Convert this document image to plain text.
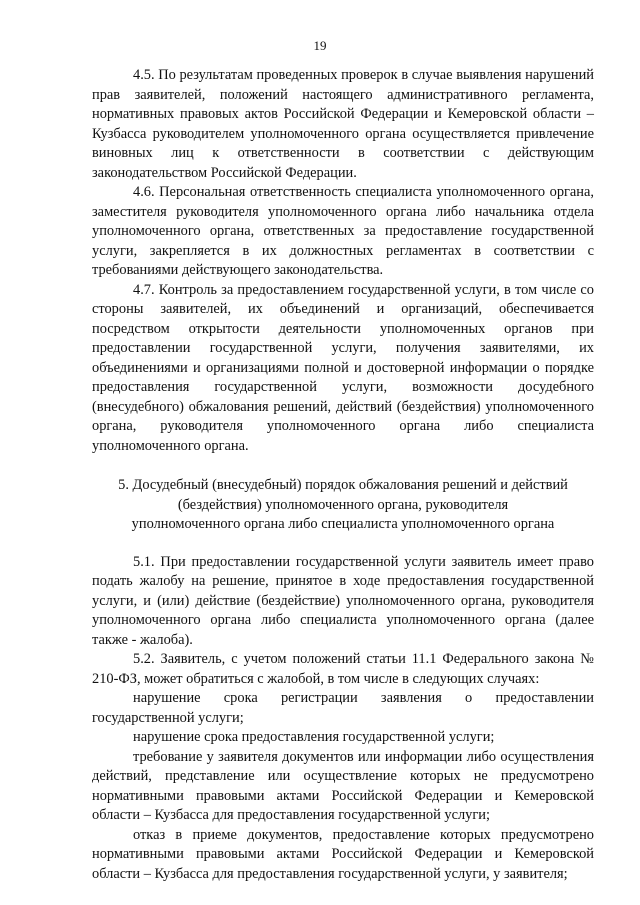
19

4.5. По результатам проведенных проверок в случае выявления нарушений прав заявителей, положений настоящего административного регламента, нормативных правовых актов Российской Федерации и Кемеровской области – Кузбасса руководителем уполномоченного органа осуществляется привлечение виновных лиц к ответственности в соответствии с действующим законодательством Российской Федерации.

4.6. Персональная ответственность специалиста уполномоченного органа, заместителя руководителя уполномоченного органа либо начальника отдела уполномоченного органа, ответственных за предоставление государственной услуги, закрепляется в их должностных регламентах в соответствии с требованиями действующего законодательства.

4.7. Контроль за предоставлением государственной услуги, в том числе со стороны заявителей, их объединений и организаций, обеспечивается посредством открытости деятельности уполномоченных органов при предоставлении государственной услуги, получения заявителями, их объединениями и организациями полной и достоверной информации о порядке предоставления государственной услуги, возможности досудебного (внесудебного) обжалования решений, действий (бездействия) уполномоченного органа, руководителя уполномоченного органа либо специалиста уполномоченного органа.

5. Досудебный (внесудебный) порядок обжалования решений и действий
(бездействия) уполномоченного органа, руководителя
уполномоченного органа либо специалиста уполномоченного органа

5.1. При предоставлении государственной услуги заявитель имеет право подать жалобу на решение, принятое в ходе предоставления государственной услуги, и (или) действие (бездействие) уполномоченного органа, руководителя уполномоченного органа либо специалиста уполномоченного органа (далее также - жалоба).

5.2. Заявитель, с учетом положений статьи 11.1 Федерального закона № 210-ФЗ, может обратиться с жалобой, в том числе в следующих случаях:

нарушение срока регистрации заявления о предоставлении государственной услуги;

нарушение срока предоставления государственной услуги;

требование у заявителя документов или информации либо осуществления действий, представление или осуществление которых не предусмотрено нормативными правовыми актами Российской Федерации и Кемеровской области – Кузбасса для предоставления государственной услуги;

отказ в приеме документов, предоставление которых предусмотрено нормативными правовыми актами Российской Федерации и Кемеровской области – Кузбасса для предоставления государственной услуги, у заявителя;
